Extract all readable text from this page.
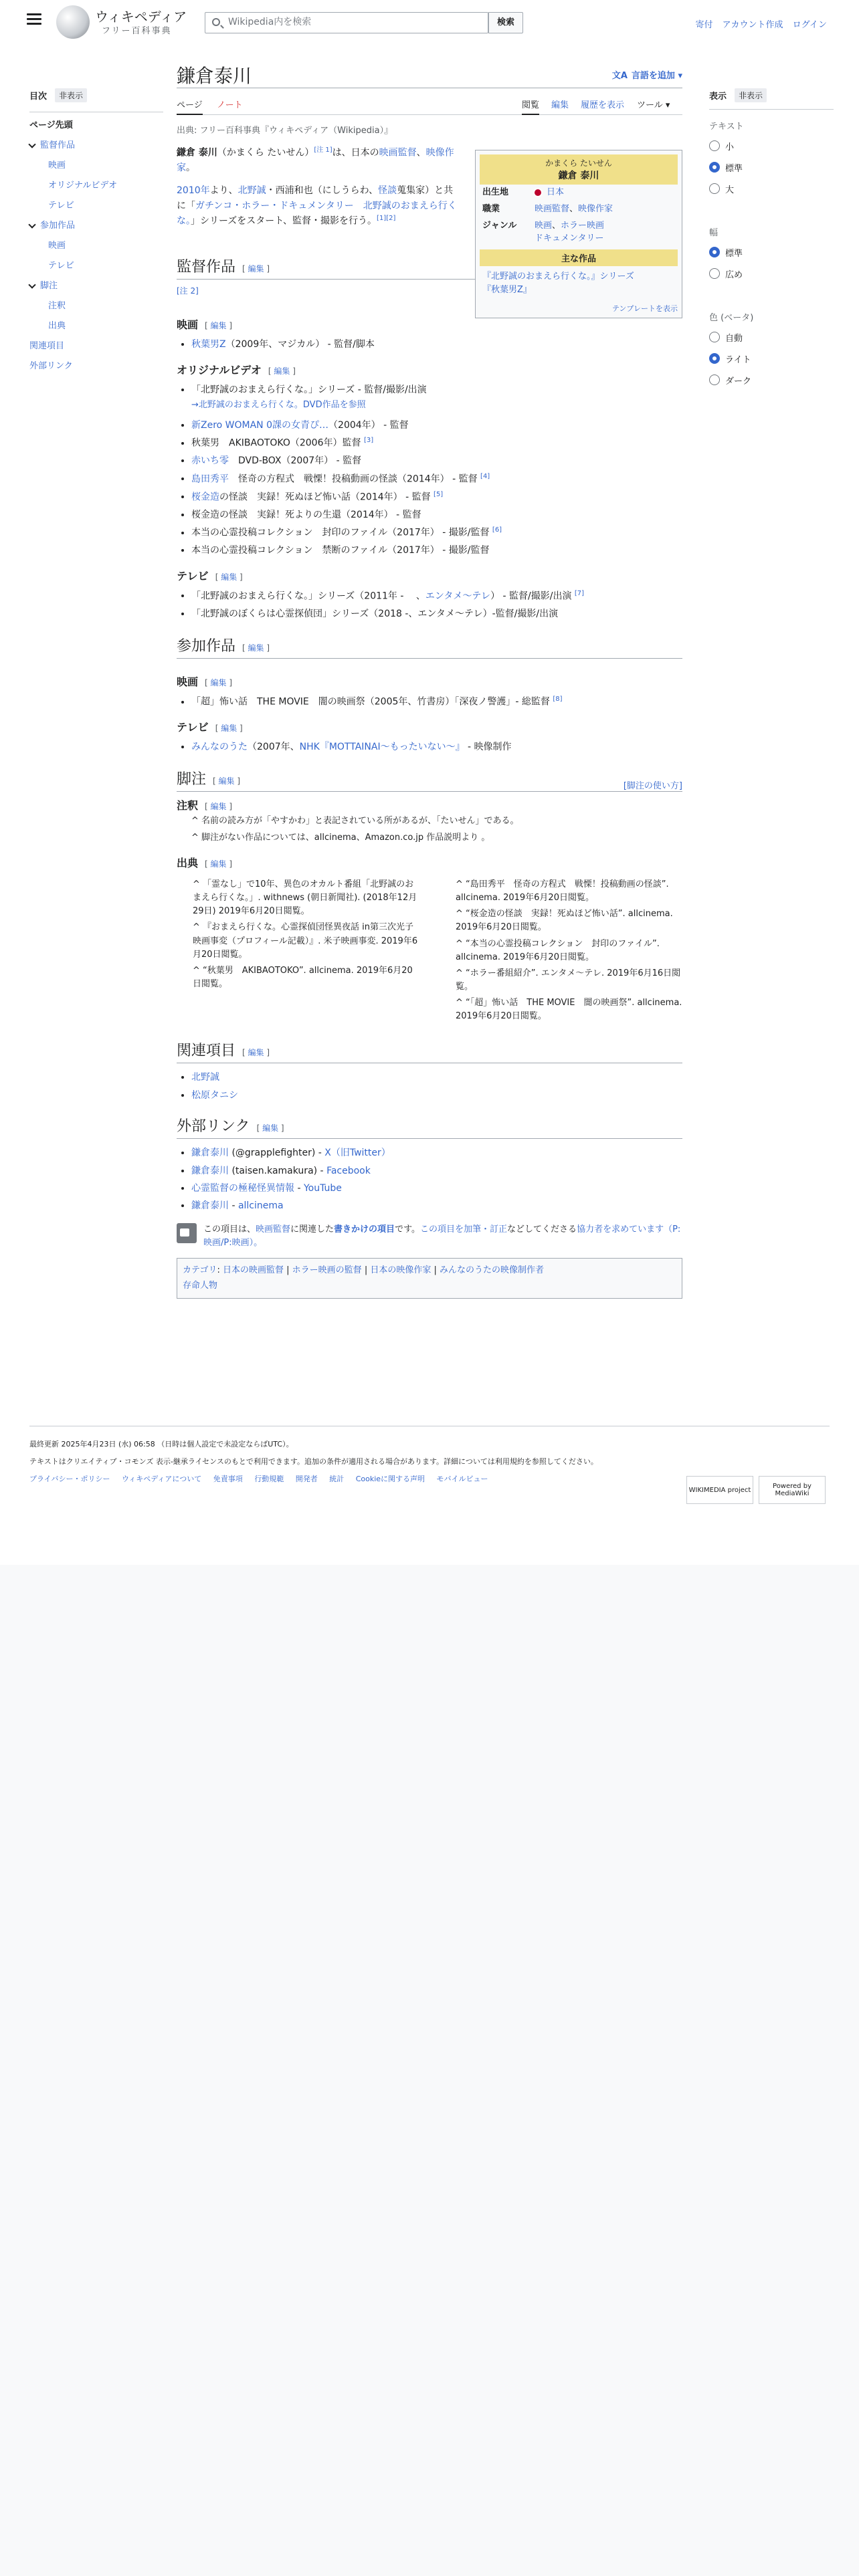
ウィキペディア
フリー百科事典
Wikipedia内を検索
検索	寄付 アカウント作成 ログイン
目次	非表示
ページ先頭
監督作品
映画
オリジナルビデオ
テレビ
参加作品
映画
テレビ
脚注
注釈
出典
関連項目
外部リンク
表示	非表示
テキスト
小
標準
大
幅
標準
広め
色 (ベータ)
自動
ライト
ダーク
鎌倉泰川	文A 言語を追加 ▾
ページ ノート	閲覧 編集 履歴を表示 ツール ▾
出典: フリー百科事典『ウィキペディア（Wikipedia）』

鎌倉 泰川（かまくら たいせん）[注 1]は、日本の映画監督、映像作家。

2010年より、北野誠・西浦和也（にしうらわ、怪談蒐集家）と共に「ガチンコ・ホラー・ドキュメンタリー　北野誠のおまえら行くな。」シリーズをスタート、監督・撮影を行う。[1][2]

かまくら たいせん
鎌倉 泰川
出生地	日本
職業	映画監督、映像作家
ジャンル	映画、ホラー映画
ドキュメンタリー
主な作品
『北野誠のおまえら行くな。』シリーズ
『秋葉男Z』
テンプレートを表示
監督作品 [ 編集 ]
[注 2]
映画 [ 編集 ]
• 秋葉男Z（2009年、マジカル） - 監督/脚本
オリジナルビデオ [ 編集 ]
• 「北野誠のおまえら行くな。」シリーズ - 監督/撮影/出演
→北野誠のおまえら行くな。DVD作品を参照
• 新Zero WOMAN 0課の女青ぴ…（2004年） - 監督
• 秋葉男　AKIBAOTOKO（2006年）監督 [3]
• 赤いち零　DVD-BOX（2007年） - 監督
• 島田秀平　怪奇の方程式　戦慄！投稿動画の怪談（2014年） - 監督 [4]
• 桜金造の怪談　実録！死ぬほど怖い話（2014年） - 監督 [5]
• 桜金造の怪談　実録！死よりの生還（2014年） - 監督
• 本当の心霊投稿コレクション　封印のファイル（2017年） - 撮影/監督 [6]
• 本当の心霊投稿コレクション　禁断のファイル（2017年） - 撮影/監督
テレビ [ 編集 ]
• 「北野誠のおまえら行くな。」シリーズ（2011年 - 　、エンタメ〜テレ） - 監督/撮影/出演 [7]
• 「北野誠のぼくらは心霊探偵団」シリーズ（2018 -、エンタメ〜テレ）-監督/撮影/出演
参加作品 [ 編集 ]
映画 [ 編集 ]
• 「超」怖い話　THE MOVIE　闇の映画祭（2005年、竹書房）「深夜ノ警護」- 総監督 [8]
テレビ [ 編集 ]
• みんなのうた（2007年、NHK『MOTTAINAI〜もったいない〜』 - 映像制作
脚注 [ 編集 ]
注釈 [ 編集 ]
[脚注の使い方]
^ 名前の読み方が「やすかわ」と表記されている所があるが、「たいせん」である。
^ 脚注がない作品については、allcinema、Amazon.co.jp 作品説明より 。
出典 [ 編集 ]
^ 「霊なし」で10年、異色のオカルト番組「北野誠のおまえら行くな。」. withnews (朝日新聞社). (2018年12月29日) 2019年6月20日閲覧。
^ 『おまえら行くな。心霊探偵団怪異夜話 in第三次光子映画事変（プロフィール記載）』. 米子映画事変. 2019年6月20日閲覧。
^ “秋葉男　AKIBAOTOKO”. allcinema. 2019年6月20日閲覧。
^ “島田秀平　怪奇の方程式　戦慄！投稿動画の怪談”. allcinema. 2019年6月20日閲覧。
^ “桜金造の怪談　実録！死ぬほど怖い話”. allcinema. 2019年6月20日閲覧。
^ “本当の心霊投稿コレクション　封印のファイル”. allcinema. 2019年6月20日閲覧。
^ “ホラー番組紹介”. エンタメ〜テレ. 2019年6月16日閲覧。
^ “「超」怖い話　THE MOVIE　闇の映画祭”. allcinema. 2019年6月20日閲覧。
関連項目 [ 編集 ]
• 北野誠
• 松原タニシ
外部リンク [ 編集 ]
• 鎌倉泰川 (@grapplefighter) - X（旧Twitter）
• 鎌倉泰川 (taisen.kamakura) - Facebook
• 心霊監督の極秘怪異情報 - YouTube
• 鎌倉泰川 - allcinema
この項目は、映画監督に関連した書きかけの項目です。この項目を加筆・訂正などしてくださる協力者を求めています（P:映画/P:映画）。
カテゴリ: 日本の映画監督 | ホラー映画の監督 | 日本の映像作家 | みんなのうたの映像制作者
存命人物
最終更新 2025年4月23日 (水) 06:58 （日時は個人設定で未設定ならばUTC）。
テキストはクリエイティブ・コモンズ 表示-継承ライセンスのもとで利用できます。追加の条件が適用される場合があります。詳細については利用規約を参照してください。
プライバシー・ポリシー ウィキペディアについて 免責事項 行動規範 開発者 統計 Cookieに関する声明 モバイルビュー
WIKIMEDIA project	Powered by MediaWiki
